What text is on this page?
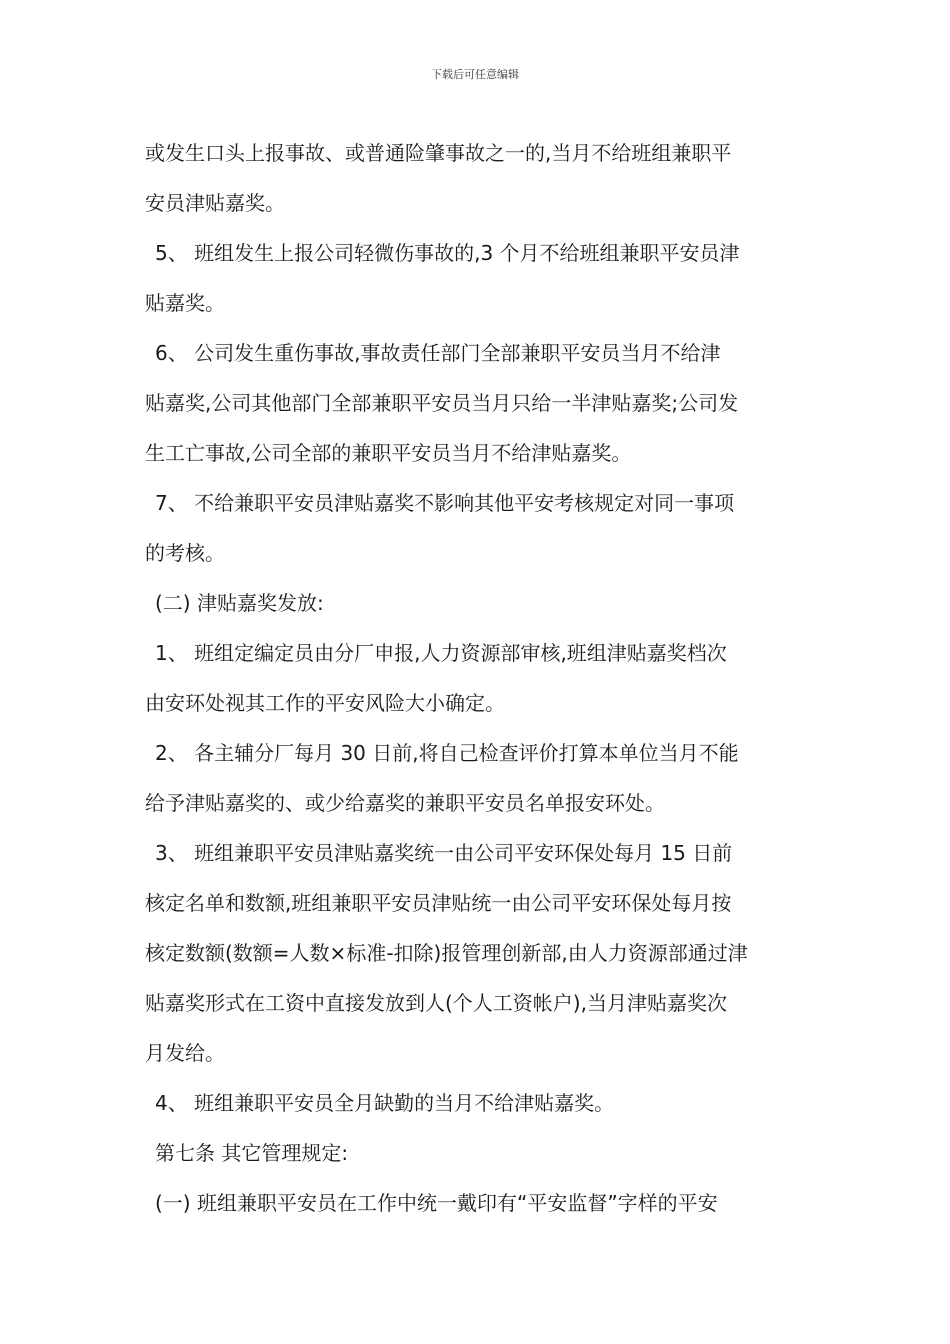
下载后可任意编辑
或发生口头上报事故、或普通险肇事故之一的,当月不给班组兼职平
安员津贴嘉奖。
5、 班组发生上报公司轻微伤事故的,3 个月不给班组兼职平安员津
贴嘉奖。
6、 公司发生重伤事故,事故责任部门全部兼职平安员当月不给津
贴嘉奖,公司其他部门全部兼职平安员当月只给一半津贴嘉奖;公司发
生工亡事故,公司全部的兼职平安员当月不给津贴嘉奖。
7、 不给兼职平安员津贴嘉奖不影响其他平安考核规定对同一事项
的考核。
(二) 津贴嘉奖发放:
1、 班组定编定员由分厂申报,人力资源部审核,班组津贴嘉奖档次
由安环处视其工作的平安风险大小确定。
2、 各主辅分厂每月 30 日前,将自己检查评价打算本单位当月不能
给予津贴嘉奖的、或少给嘉奖的兼职平安员名单报安环处。
3、 班组兼职平安员津贴嘉奖统一由公司平安环保处每月 15 日前
核定名单和数额,班组兼职平安员津贴统一由公司平安环保处每月按
核定数额(数额=人数×标准-扣除)报管理创新部,由人力资源部通过津
贴嘉奖形式在工资中直接发放到人(个人工资帐户),当月津贴嘉奖次
月发给。
4、 班组兼职平安员全月缺勤的当月不给津贴嘉奖。
第七条 其它管理规定:
(一) 班组兼职平安员在工作中统一戴印有“平安监督”字样的平安
